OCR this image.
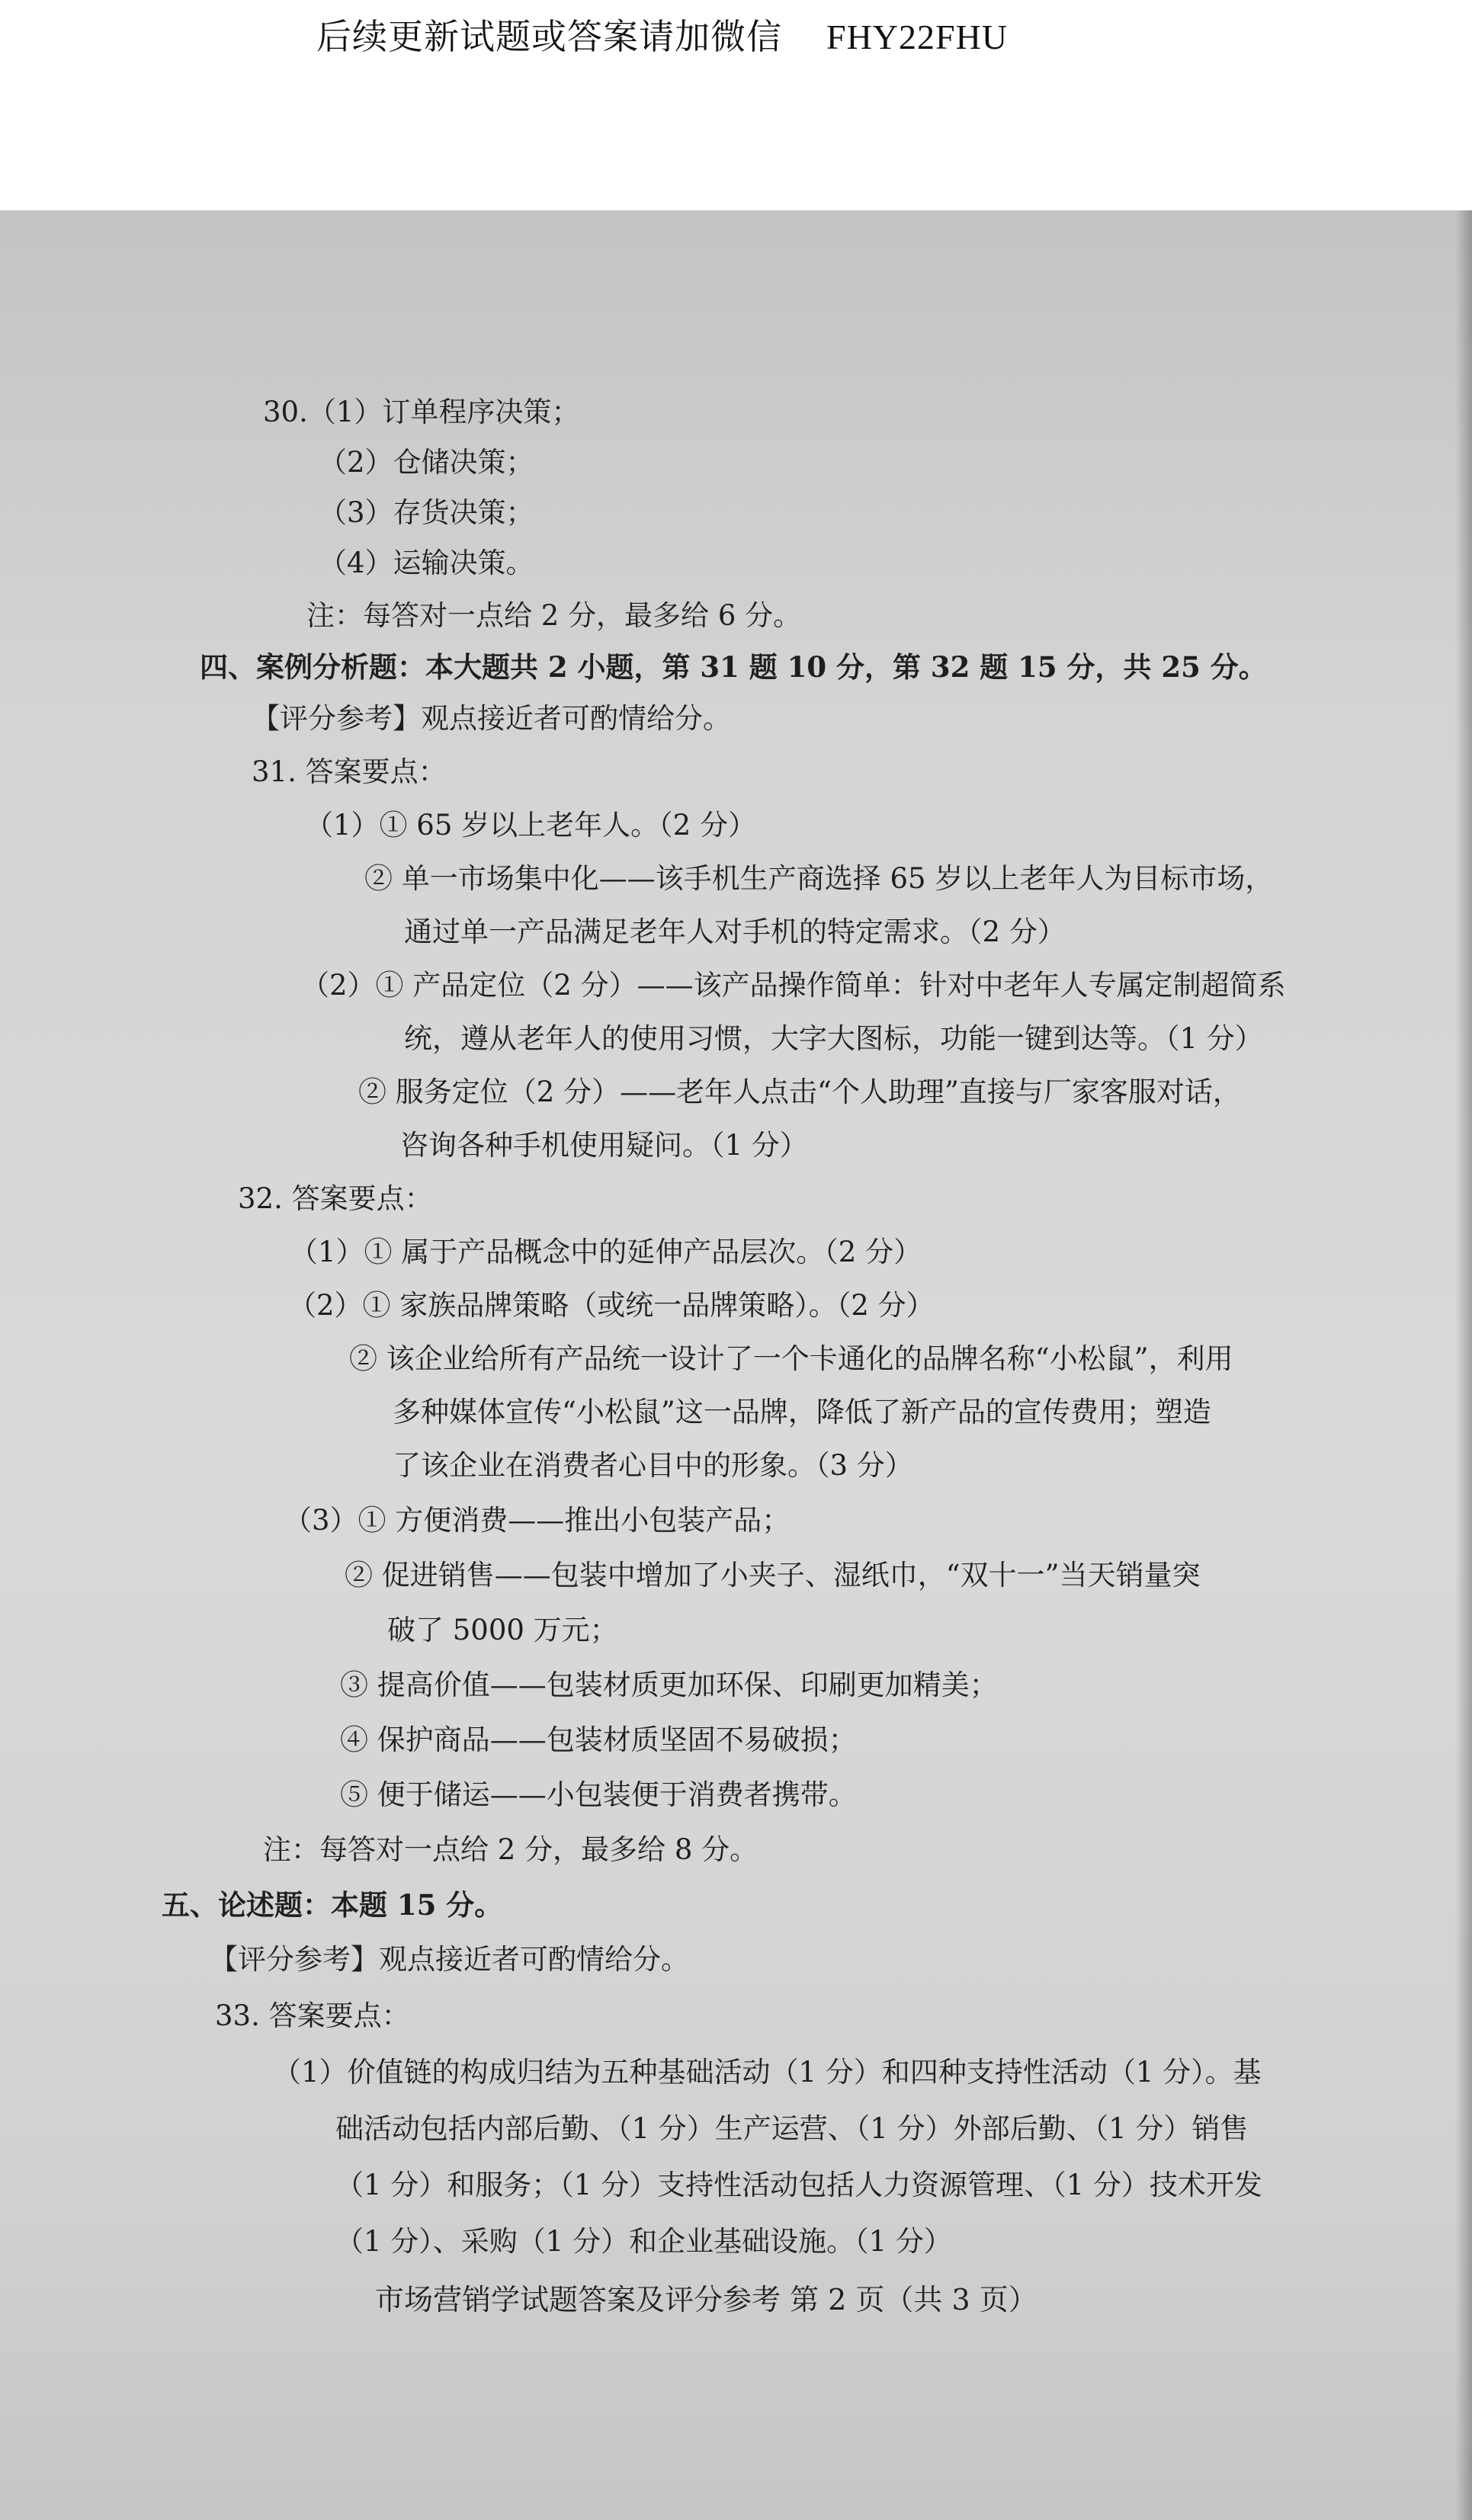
后续更新试题或答案请加微信 FHY22FHU
30.（1）订单程序决策；
（2）仓储决策；
（3）存货决策；
（4）运输决策。
注：每答对一点给 2 分，最多给 6 分。
四、案例分析题：本大题共 2 小题，第 31 题 10 分，第 32 题 15 分，共 25 分。
【评分参考】观点接近者可酌情给分。
31. 答案要点：
（1）① 65 岁以上老年人。（2 分）
② 单一市场集中化——该手机生产商选择 65 岁以上老年人为目标市场，
通过单一产品满足老年人对手机的特定需求。（2 分）
（2）① 产品定位（2 分）——该产品操作简单：针对中老年人专属定制超简系
统，遵从老年人的使用习惯，大字大图标，功能一键到达等。（1 分）
② 服务定位（2 分）——老年人点击“个人助理”直接与厂家客服对话，
咨询各种手机使用疑问。（1 分）
32. 答案要点：
（1）① 属于产品概念中的延伸产品层次。（2 分）
（2）① 家族品牌策略（或统一品牌策略）。（2 分）
② 该企业给所有产品统一设计了一个卡通化的品牌名称“小松鼠”，利用
多种媒体宣传“小松鼠”这一品牌，降低了新产品的宣传费用；塑造
了该企业在消费者心目中的形象。（3 分）
（3）① 方便消费——推出小包装产品；
② 促进销售——包装中增加了小夹子、湿纸巾，“双十一”当天销量突
破了 5000 万元；
③ 提高价值——包装材质更加环保、印刷更加精美；
④ 保护商品——包装材质坚固不易破损；
⑤ 便于储运——小包装便于消费者携带。
注：每答对一点给 2 分，最多给 8 分。
五、论述题：本题 15 分。
【评分参考】观点接近者可酌情给分。
33. 答案要点：
（1）价值链的构成归结为五种基础活动（1 分）和四种支持性活动（1 分）。基
础活动包括内部后勤、（1 分）生产运营、（1 分）外部后勤、（1 分）销售
（1 分）和服务；（1 分）支持性活动包括人力资源管理、（1 分）技术开发
（1 分）、采购（1 分）和企业基础设施。（1 分）
市场营销学试题答案及评分参考 第 2 页（共 3 页）
